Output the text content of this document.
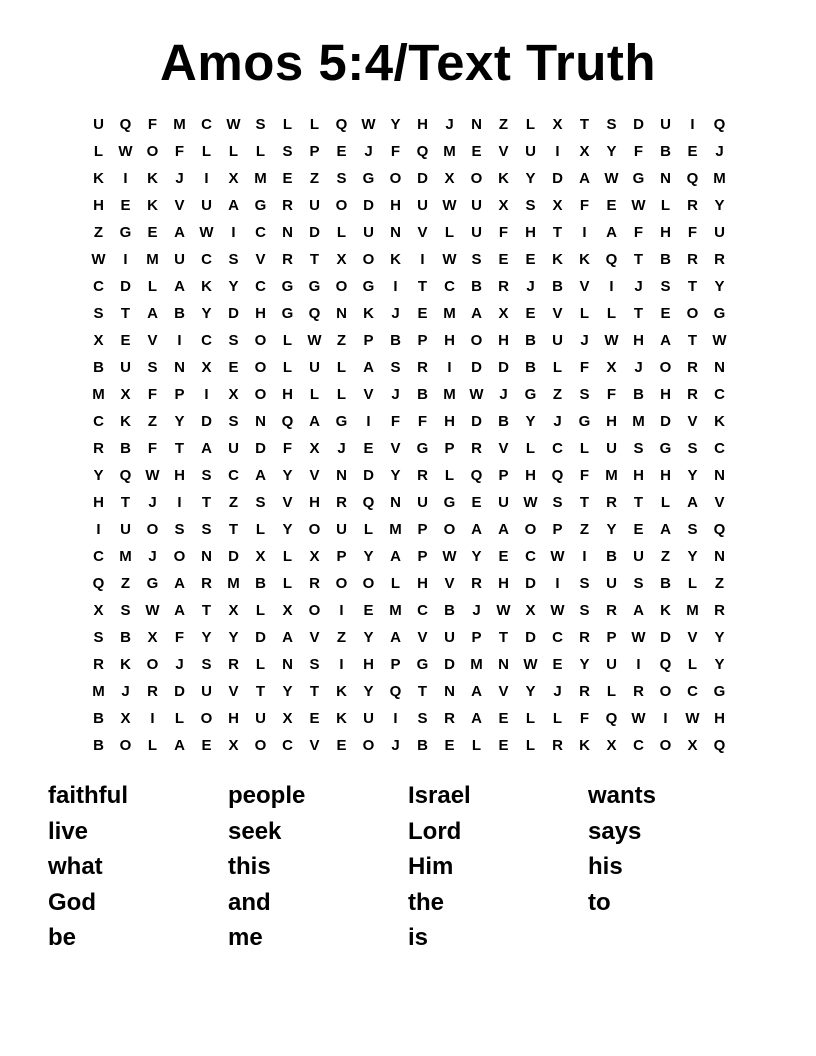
Amos 5:4/Text Truth
U	Q	F	M	C W S	L	L	Q W Y	H	J	N	Z	L	X	T	S	D	U	I	Q
L	W O	F	L	L	L	S	P	E	J	F	Q M	E	V	U	I	X	Y	F	B	E	J
K	I	K	J	I	X	M	E	Z	S	G	O	D	X	O	K	Y	D	A W G	N	Q M
H	E	K	V	U	A	G	R	U	O	D	H	U W U	X	S	X	F	E W	L	R	Y
Z	G	E	A W	I	C	N	D	L	U	N	V	L	U	F	H	T	I	A	F	H	F	U
W	I	M	U	C	S	V	R	T	X	O	K	I	W S	E	E	K	K	Q	T	B	R	R
C	D	L	A	K	Y	C	G	G	O	G	I	T	C	B	R	J	B	V	I	J	S	T	Y
S	T	A	B	Y	D	H	G	Q	N	K	J	E	M	A	X	E	V	L	L	T	E	O	G
X	E	V	I	C	S	O	L	W	Z	P	B	P	H	O	H	B	U	J	W H	A	T	W
B	U	S	N	X	E	O	L	U	L	A	S	R	I	D	D	B	L	F	X	J	O	R	N
M	X	F	P	I	X	O	H	L	L	V	J	B	M W	J	G	Z	S	F	B	H	R	C
C	K	Z	Y	D	S	N	Q	A	G	I	F	F	H	D	B	Y	J	G	H	M	D	V	K
R	B	F	T	A	U	D	F	X	J	E	V	G	P	R	V	L	C	L	U	S	G	S	C
Y	Q W H	S	C	A	Y	V	N	D	Y	R	L	Q	P	H	Q	F	M	H	H	Y	N
H	T	J	I	T	Z	S	V	H	R	Q	N	U	G	E	U W S	T	R	T	L	A	V
I	U	O	S	S	T	L	Y	O	U	L	M	P	O	A	A	O	P	Z	Y	E	A	S	Q
C	M	J	O	N	D	X	L	X	P	Y	A	P W Y	E	C W	I	B	U	Z	Y	N
Q	Z	G	A	R	M	B	L	R	O	O	L	H	V	R	H	D	I	S	U	S	B	L	Z
X	S W A	T	X	L	X	O	I	E	M	C	B	J	W X W S	R	A	K	M	R
S	B	X	F	Y	Y	D	A	V	Z	Y	A	V	U	P	T	D	C	R	P W D	V	Y
R	K	O	J	S	R	L	N	S	I	H	P	G	D	M	N W E	Y	U	I	Q	L	Y
M	J	R	D	U	V	T	Y	T	K	Y	Q	T	N	A	V	Y	J	R	L	R	O	C	G
B	X	I	L	O	H	U	X	E	K	U	I	S	R	A	E	L	L	F	Q W	I	W H
B	O	L	A	E	X	O	C	V	E	O	J	B	E	L	E	L	R	K	X	C	O	X	Q
faithful
live
what
God
be
people
seek
this
and
me
Israel
Lord
Him
the
is
wants
says
his
to
